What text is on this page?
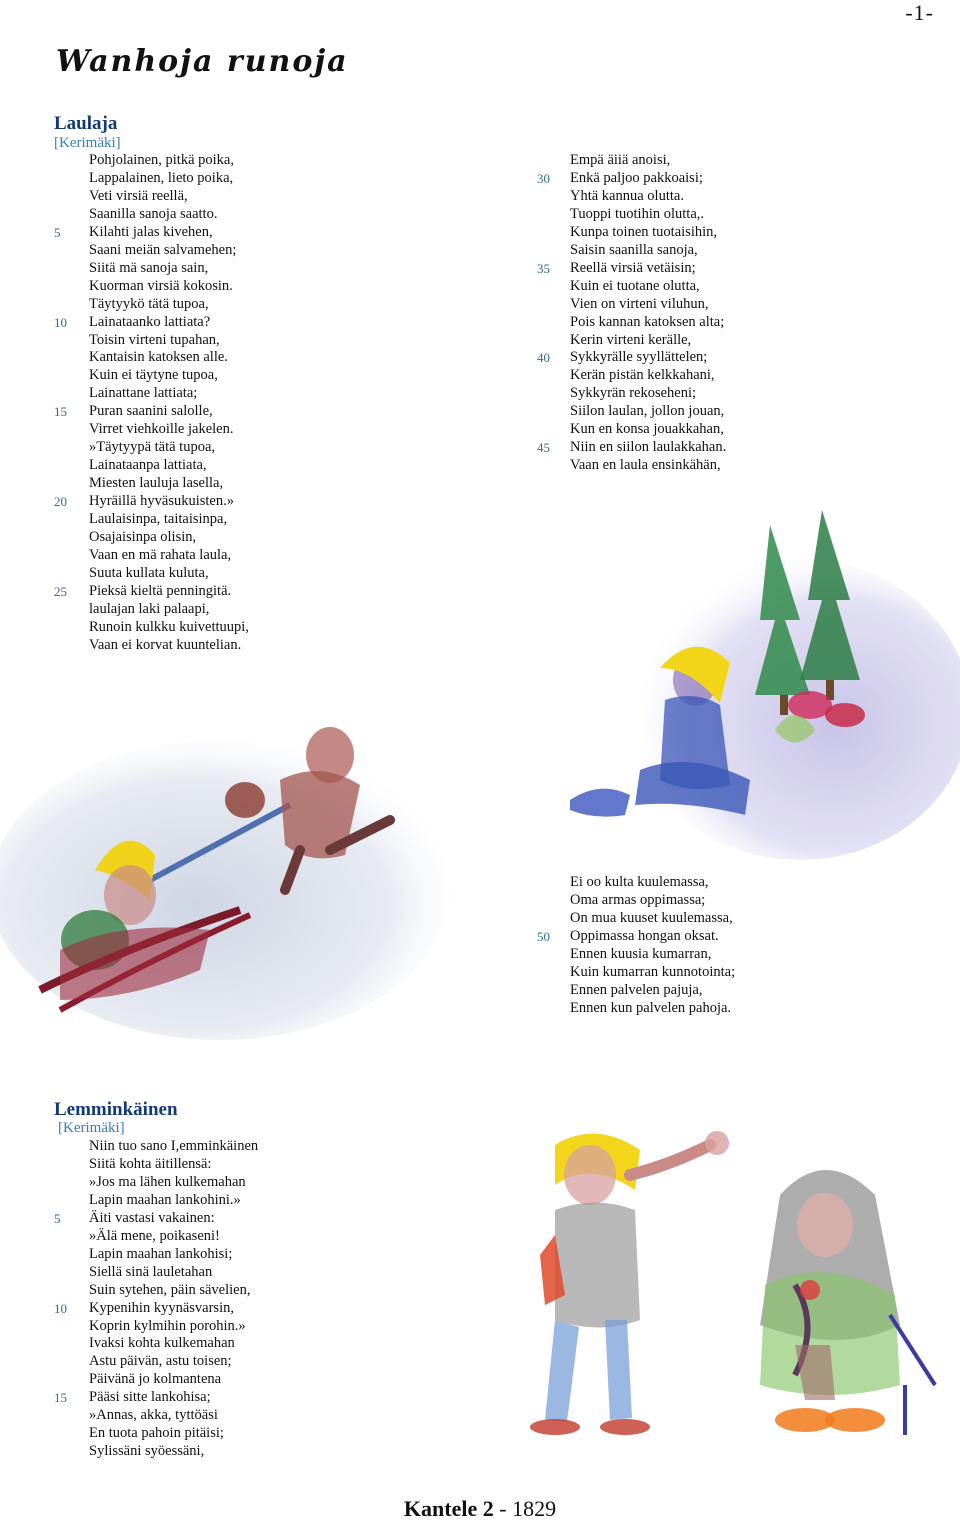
-1-
Wanhoja runoja
Laulaja
[Kerimäki]
Pohjolainen, pitkä poika,
Lappalainen, lieto poika,
Veti virsiä reellä,
Saanilla sanoja saatto.
5	Kilahti jalas kivehen,
Saani meiän salvamehen;
Siitä mä sanoja sain,
Kuorman virsiä kokosin.
Täytyykö tätä tupoa,
10	Lainataanko lattiata?
Toisin virteni tupahan,
Kantaisin katoksen alle.
Kuin ei täytyne tupoa,
Lainattane lattiata;
15	Puran saanini salolle,
Virret viehkoille jakelen.
»Täytyypä tätä tupoa,
Lainataanpa lattiata,
Miesten lauluja lasella,
20	Hyräillä hyväsukuisten.»
Laulaisinpa, taitaisinpa,
Osajaisinpa olisin,
Vaan en mä rahata laula,
Suuta kullata kuluta,
25	Pieksä kieltä penningitä.
laulajan laki palaapi,
Runoin kulkku kuivettuupi,
Vaan ei korvat kuuntelian.
Empä äiiä anoisi,
30	Enkä paljoo pakkoaisi;
Yhtä kannua olutta.
Tuoppi tuotihin olutta,.
Kunpa toinen tuotaisihin,
Saisin saanilla sanoja,
35	Reellä virsiä vetäisin;
Kuin ei tuotane olutta,
Vien on virteni viluhun,
Pois kannan katoksen alta;
Kerin virteni kerälle,
40	Sykkyrälle syyllättelen;
Kerän pistän kelkkahani,
Sykkyrän rekoseheni;
Siilon laulan, jollon jouan,
Kun en konsa jouakkahan,
45	Niin en siilon laulakkahan.
Vaan en laula ensinkähän,
Ei oo kulta kuulemassa,
Oma armas oppimassa;
On mua kuuset kuulemassa,
50	Oppimassa hongan oksat.
Ennen kuusia kumarran,
Kuin kumarran kunnotointa;
Ennen palvelen pajuja,
Ennen kun palvelen pahoja.
Lemminkäinen
[Kerimäki]
Niin tuo sano I,emminkäinen
Siitä kohta äitillensä:
»Jos ma lähen kulkemahan
Lapin maahan lankohini.»
5	Äiti vastasi vakainen:
»Älä mene, poikaseni!
Lapin maahan lankohisi;
Siellä sinä lauletahan
Suin sytehen, päin sävelien,
10	Kypenihin kyynäsvarsin,
Koprin kylmihin porohin.»
Ivaksi kohta kulkemahan
Astu päivän, astu toisen;
Päivänä jo kolmantena
15	Pääsi sitte lankohisa;
»Annas, akka, tyttöäsi
En tuota pahoin pitäisi;
Sylissäni syöessäni,
Kantele 2 - 1829
